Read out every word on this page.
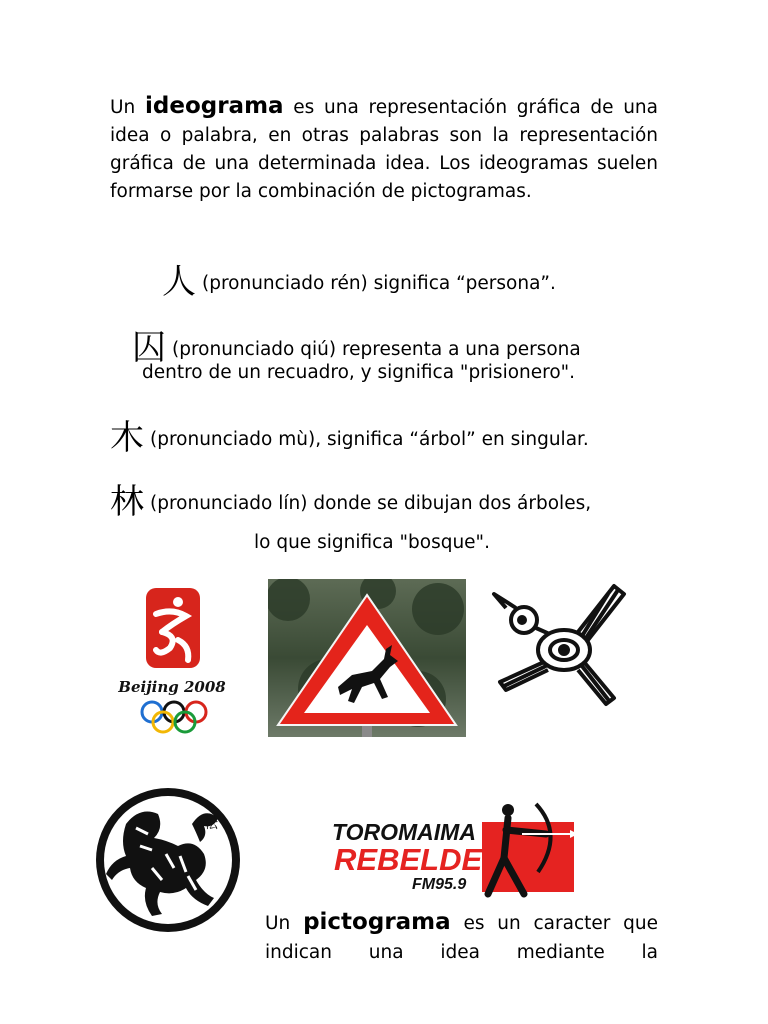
Un ideograma es una representación gráfica de una idea o palabra, en otras palabras son la representación gráfica de una determinada idea. Los ideogramas suelen formarse por la combinación de pictogramas.
人 (pronunciado rén) significa “persona”.
囚 (pronunciado qiú) representa a una persona
dentro de un recuadro, y significa "prisionero".
木 (pronunciado mù), significa “árbol” en singular.
林 (pronunciado lín) donde se dibujan dos árboles,
lo que significa "bosque".
Beijing 2008
松	TOROMAIMA
REBELDE
FM95.9
Un pictograma es un caracter que indican una idea mediante la
